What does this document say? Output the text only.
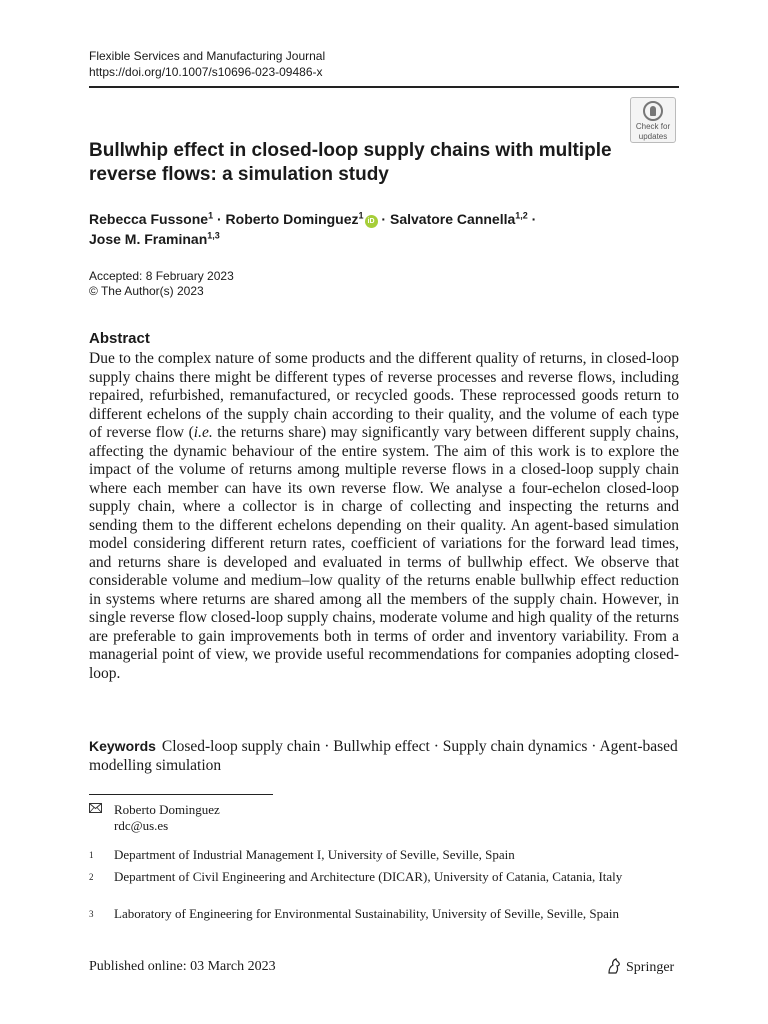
Flexible Services and Manufacturing Journal
https://doi.org/10.1007/s10696-023-09486-x
Check for
updates
Bullwhip effect in closed-loop supply chains with multiple reverse flows: a simulation study
Rebecca Fussone$^1$ · Roberto Dominguez$^1$iD · Salvatore Cannella$^{1,2}$ ·
Jose M. Framinan$^{1,3}$
Accepted: 8 February 2023
© The Author(s) 2023
Abstract
Due to the complex nature of some products and the different quality of returns, in closed-loop supply chains there might be different types of reverse processes and reverse flows, including repaired, refurbished, remanufactured, or recycled goods. These reprocessed goods return to different echelons of the supply chain according to their quality, and the volume of each type of reverse flow (i.e. the returns share) may significantly vary between different supply chains, affecting the dynamic behaviour of the entire system. The aim of this work is to explore the impact of the volume of returns among multiple reverse flows in a closed-loop supply chain where each member can have its own reverse flow. We analyse a four-echelon closed-loop supply chain, where a collector is in charge of collecting and inspecting the returns and sending them to the different echelons depending on their quality. An agent-based simulation model considering different return rates, coefficient of variations for the forward lead times, and returns share is developed and evaluated in terms of bullwhip effect. We observe that considerable volume and medium–low quality of the returns enable bullwhip effect reduction in systems where returns are shared among all the members of the supply chain. However, in single reverse flow closed-loop supply chains, moderate volume and high quality of the returns are preferable to gain improvements both in terms of order and inventory variability. From a managerial point of view, we provide useful recommendations for companies adopting closed-loop.
Keywords Closed-loop supply chain · Bullwhip effect · Supply chain dynamics · Agent-based modelling simulation
Roberto Dominguez
rdc@us.es
1	Department of Industrial Management I, University of Seville, Seville, Spain
2	Department of Civil Engineering and Architecture (DICAR), University of Catania, Catania, Italy
3	Laboratory of Engineering for Environmental Sustainability, University of Seville, Seville, Spain
Published online: 03 March 2023	Springer
